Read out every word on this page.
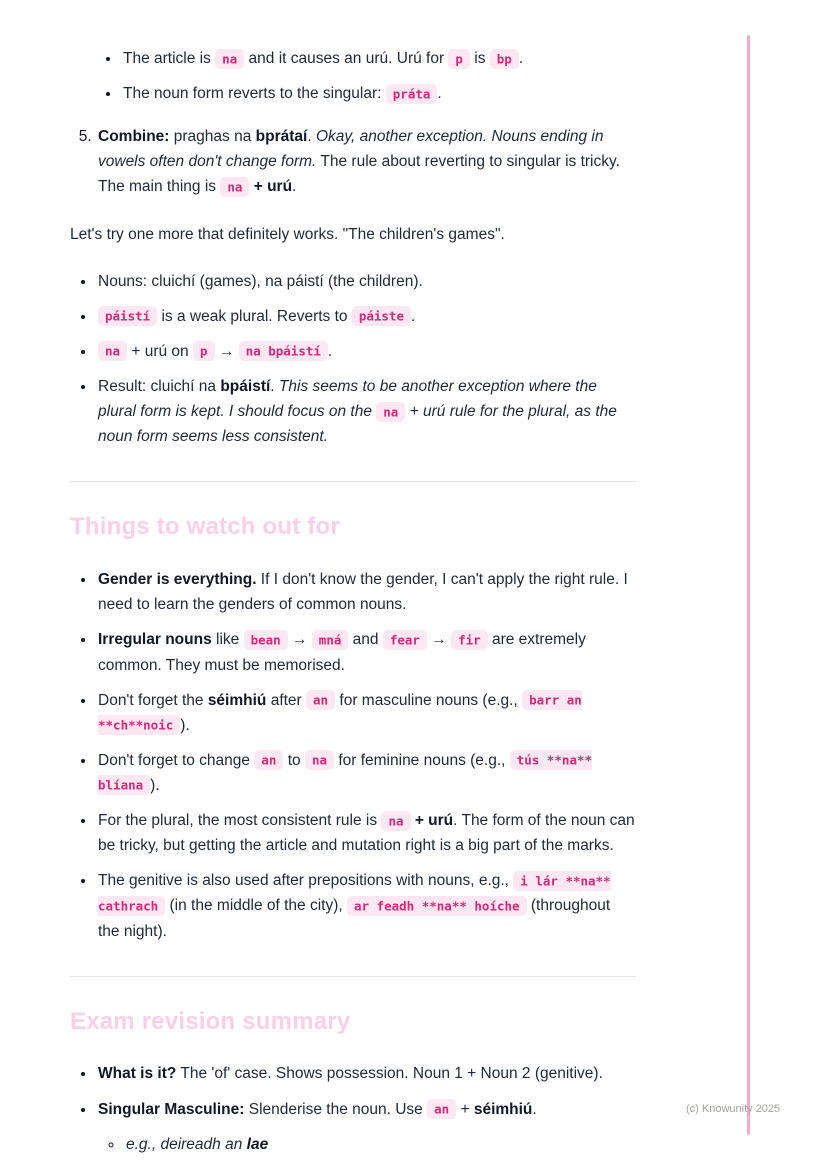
• The article is na and it causes an urú. Urú for p is bp .
• The noun form reverts to the singular: práta .
5. Combine: praghas na bprátaí. Okay, another exception. Nouns ending in vowels often don't change form. The rule about reverting to singular is tricky. The main thing is na + urú.

Let's try one more that definitely works. "The children's games".

• Nouns: cluichí (games), na páistí (the children).
• páistí is a weak plural. Reverts to páiste .
• na + urú on p → na bpáistí .
• Result: cluichí na bpáistí. This seems to be another exception where the plural form is kept. I should focus on the na + urú rule for the plural, as the noun form seems less consistent.
Things to watch out for
• Gender is everything. If I don't know the gender, I can't apply the right rule. I need to learn the genders of common nouns.
• Irregular nouns like bean → mná and fear → fir are extremely common. They must be memorised.
• Don't forget the séimhiú after an for masculine nouns (e.g., barr an **ch**noic ).
• Don't forget to change an to na for feminine nouns (e.g., tús **na** blíana ).
• For the plural, the most consistent rule is na + urú. The form of the noun can be tricky, but getting the article and mutation right is a big part of the marks.
• The genitive is also used after prepositions with nouns, e.g., i lár **na** cathrach (in the middle of the city), ar feadh **na** hoíche (throughout the night).
Exam revision summary
• What is it? The 'of' case. Shows possession. Noun 1 + Noun 2 (genitive).
• Singular Masculine: Slenderise the noun. Use an + séimhiú.
◦ e.g., deireadh an lae
(c) Knowunity 2025
